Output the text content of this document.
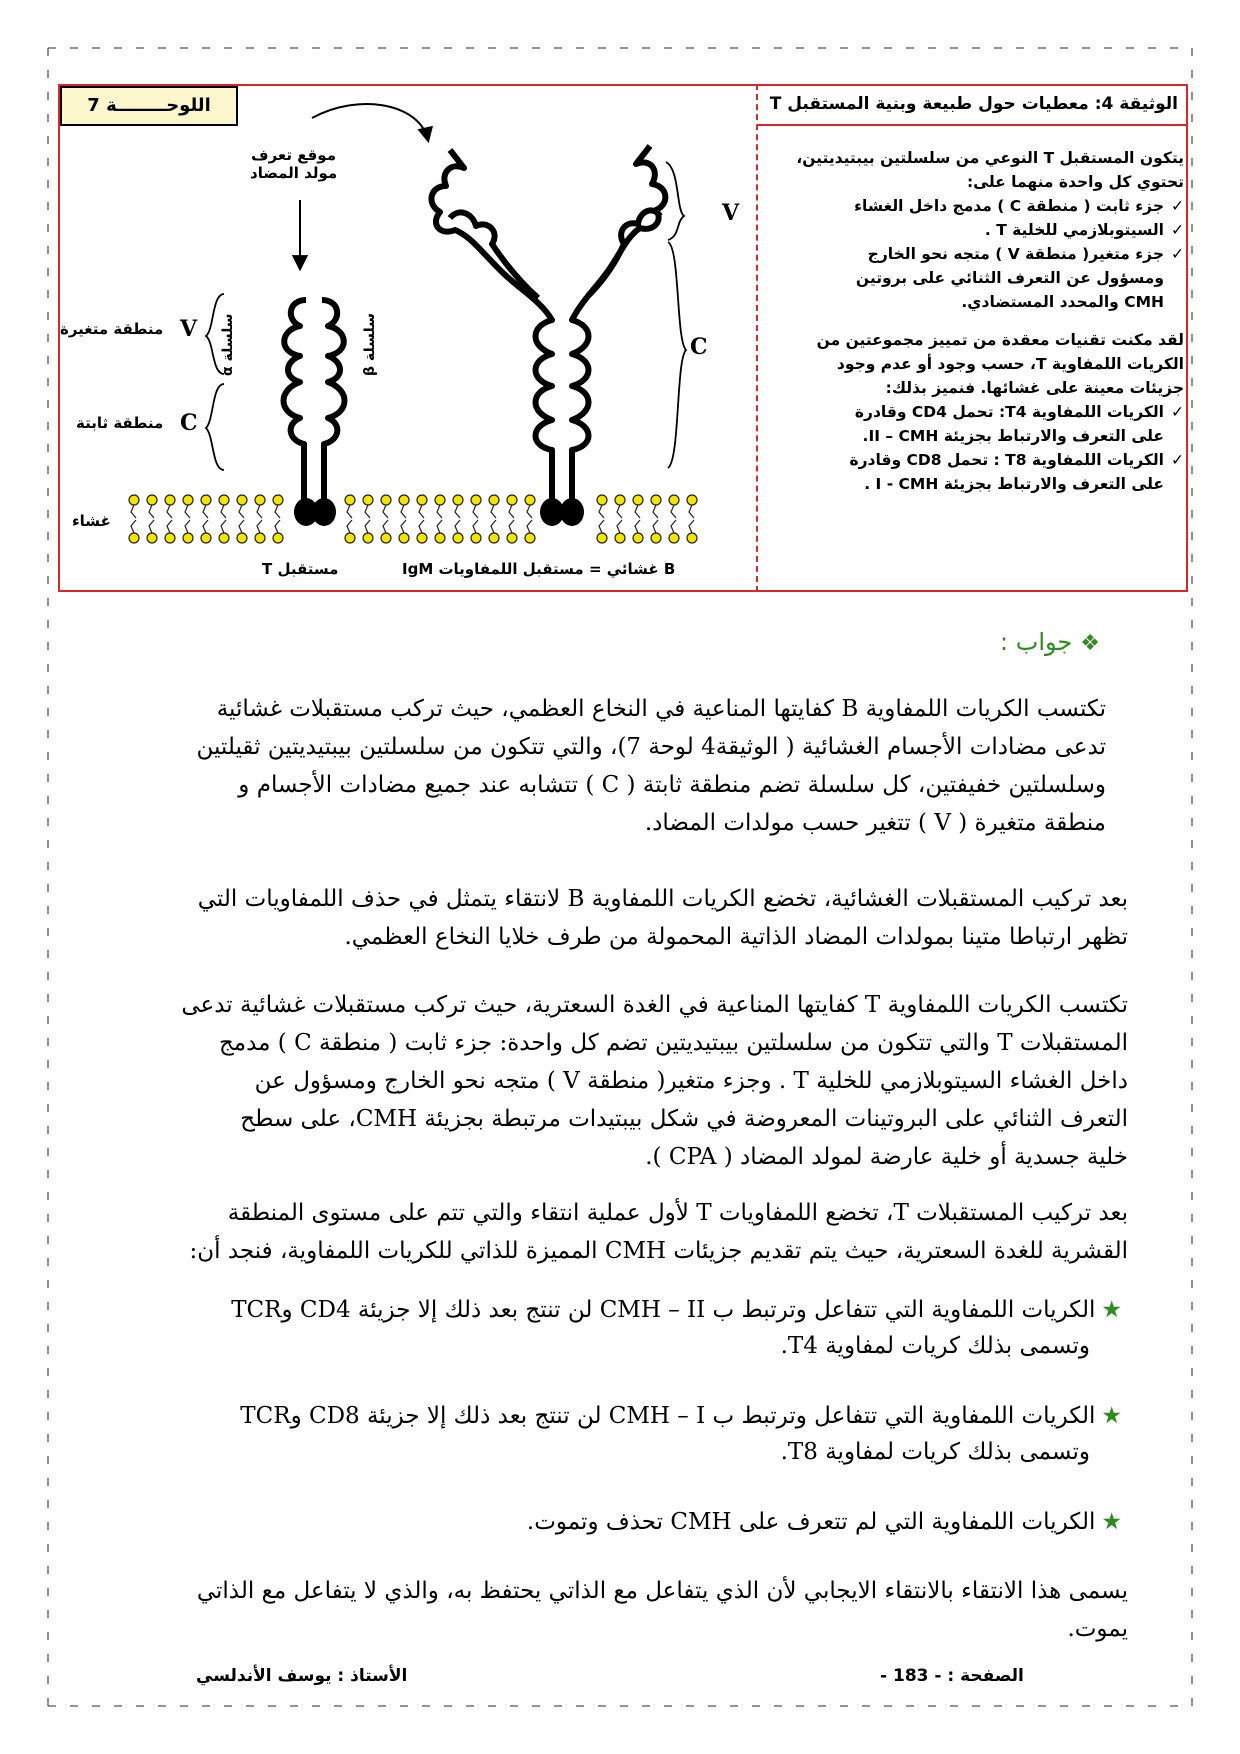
الوثيقة 4: معطيات حول طبيعة وبنية المستقبل T
اللوحــــــــة 7

يتكون المستقبل T النوعي من سلسلتين بيبتيديتين،

تحتوي كل واحدة منهما على:

✓ جزء ثابت ( منطقة C ) مدمج داخل الغشاء

✓ السيتوبلازمي للخلية T .

✓ جزء متغير( منطقة V ) متجه نحو الخارج

ومسؤول عن التعرف الثنائي على بروتين

CMH والمحدد المستضادي.

لقد مكنت تقنيات معقدة من تمييز مجموعتين من

الكريات اللمفاوية T، حسب وجود أو عدم وجود

جزيئات معينة على غشائها. فنميز بذلك:

✓ الكريات اللمفاوية T4: تحمل CD4 وقادرة

على التعرف والارتباط بجزيئة II – CMH.

✓ الكريات اللمفاوية T8 : تحمل CD8 وقادرة

على التعرف والارتباط بجزيئة I - CMH .

موقع تعرف
مولد المضاد
منطقة متغيرة V
منطقة ثابتة C
غشاء
V
C
سلسلة α
سلسلة β
مستقبل T	IgM غشائي = مستقبل اللمفاويات B
❖جواب :

تكتسب الكريات اللمفاوية B كفايتها المناعية في النخاع العظمي، حيث تركب مستقبلات غشائية

تدعى مضادات الأجسام الغشائية ( الوثيقة4 لوحة 7)، والتي تتكون من سلسلتين بيبتيديتين ثقيلتين

وسلسلتين خفيفتين، كل سلسلة تضم منطقة ثابتة ( C ) تتشابه عند جميع مضادات الأجسام و

منطقة متغيرة ( V ) تتغير حسب مولدات المضاد.

بعد تركيب المستقبلات الغشائية، تخضع الكريات اللمفاوية B لانتقاء يتمثل في حذف اللمفاويات التي

تظهر ارتباطا متينا بمولدات المضاد الذاتية المحمولة من طرف خلايا النخاع العظمي.

تكتسب الكريات اللمفاوية T كفايتها المناعية في الغدة السعترية، حيث تركب مستقبلات غشائية تدعى

المستقبلات T والتي تتكون من سلسلتين بيبتيديتين تضم كل واحدة: جزء ثابت ( منطقة C ) مدمج

داخل الغشاء السيتوبلازمي للخلية T . وجزء متغير( منطقة V ) متجه نحو الخارج ومسؤول عن

التعرف الثنائي على البروتينات المعروضة في شكل بيبتيدات مرتبطة بجزيئة CMH، على سطح

خلية جسدية أو خلية عارضة لمولد المضاد ( CPA ).

بعد تركيب المستقبلات T، تخضع اللمفاويات T لأول عملية انتقاء والتي تتم على مستوى المنطقة

القشرية للغدة السعترية، حيث يتم تقديم جزيئات CMH المميزة للذاتي للكريات اللمفاوية، فنجد أن:

★الكريات اللمفاوية التي تتفاعل وترتبط ب CMH – II لن تنتج بعد ذلك إلا جزيئة CD4 وTCR
وتسمى بذلك كريات لمفاوية T4.
★الكريات اللمفاوية التي تتفاعل وترتبط ب CMH – I لن تنتج بعد ذلك إلا جزيئة CD8 وTCR
وتسمى بذلك كريات لمفاوية T8.
★الكريات اللمفاوية التي لم تتعرف على CMH تحذف وتموت.

يسمى هذا الانتقاء بالانتقاء الايجابي لأن الذي يتفاعل مع الذاتي يحتفظ به، والذي لا يتفاعل مع الذاتي

يموت.

الصفحة : - 183 -
الأستاذ : يوسف الأندلسي
